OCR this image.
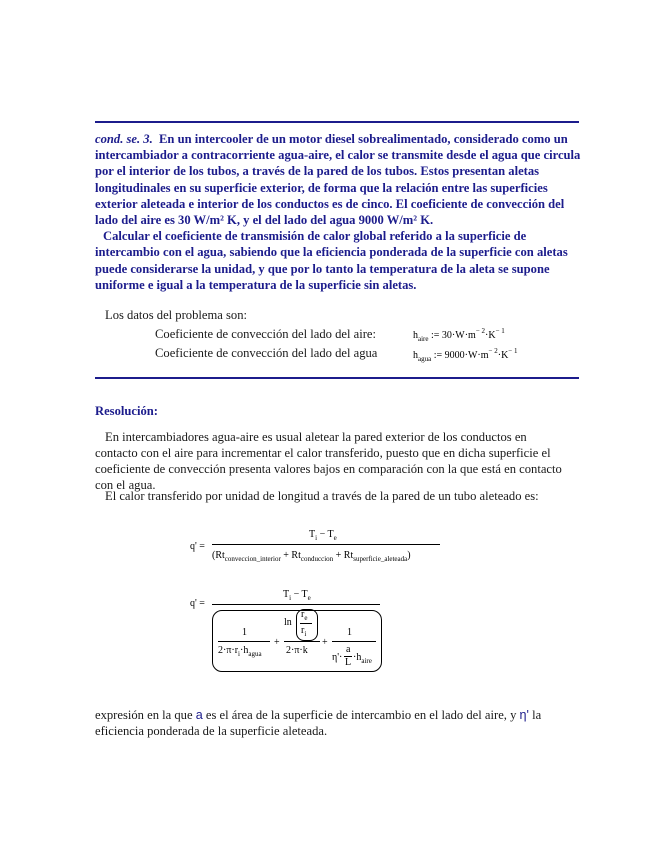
cond. se. 3. En un intercooler de un motor diesel sobrealimentado, considerado como un intercambiador a contracorriente agua-aire, el calor se transmite desde el agua que circula por el interior de los tubos, a través de la pared de los tubos. Estos presentan aletas longitudinales en su superficie exterior, de forma que la relación entre las superficies exterior aleteada e interior de los conductos es de cinco. El coeficiente de convección del lado del aire es 30 W/m² K, y el del lado del agua 9000 W/m² K.
Calcular el coeficiente de transmisión de calor global referido a la superficie de intercambio con el agua, sabiendo que la eficiencia ponderada de la superficie con aletas puede considerarse la unidad, y que por lo tanto la temperatura de la aleta se supone uniforme e igual a la temperatura de la superficie sin aletas.
Los datos del problema son:
Coeficiente de convección del lado del aire:	$h_{aire}$ := $30\cdot W\cdot m^{- 2}\cdot K^{- 1}$
Coeficiente de convección del lado del agua	$h_{agua}$ := $9000\cdot W\cdot m^{- 2}\cdot K^{- 1}$
Resolución:
En intercambiadores agua-aire es usual aletear la pared exterior de los conductos en contacto con el aire para incrementar el calor transferido, puesto que en dicha superficie el coeficiente de convección presenta valores bajos en comparación con la que está en contacto con el agua.
El calor transferido por unidad de longitud a través de la pared de un tubo aleteado es:
q' =
$T_i - T_e$
$(Rt_{conveccion\_interior} + Rt_{conduccion} + Rt_{superficie\_aleteada})$
q' =
$T_i - T_e$
1
$2\cdot\pi\cdot r_i\cdot h_{agua}$
+
ln
$r_e$
$r_i$
2·π·k
+
1
η'·
a
$L \cdot h_{aire}$
expresión en la que a es el área de la superficie de intercambio en el lado del aire, y η' la eficiencia ponderada de la superficie aleteada.
